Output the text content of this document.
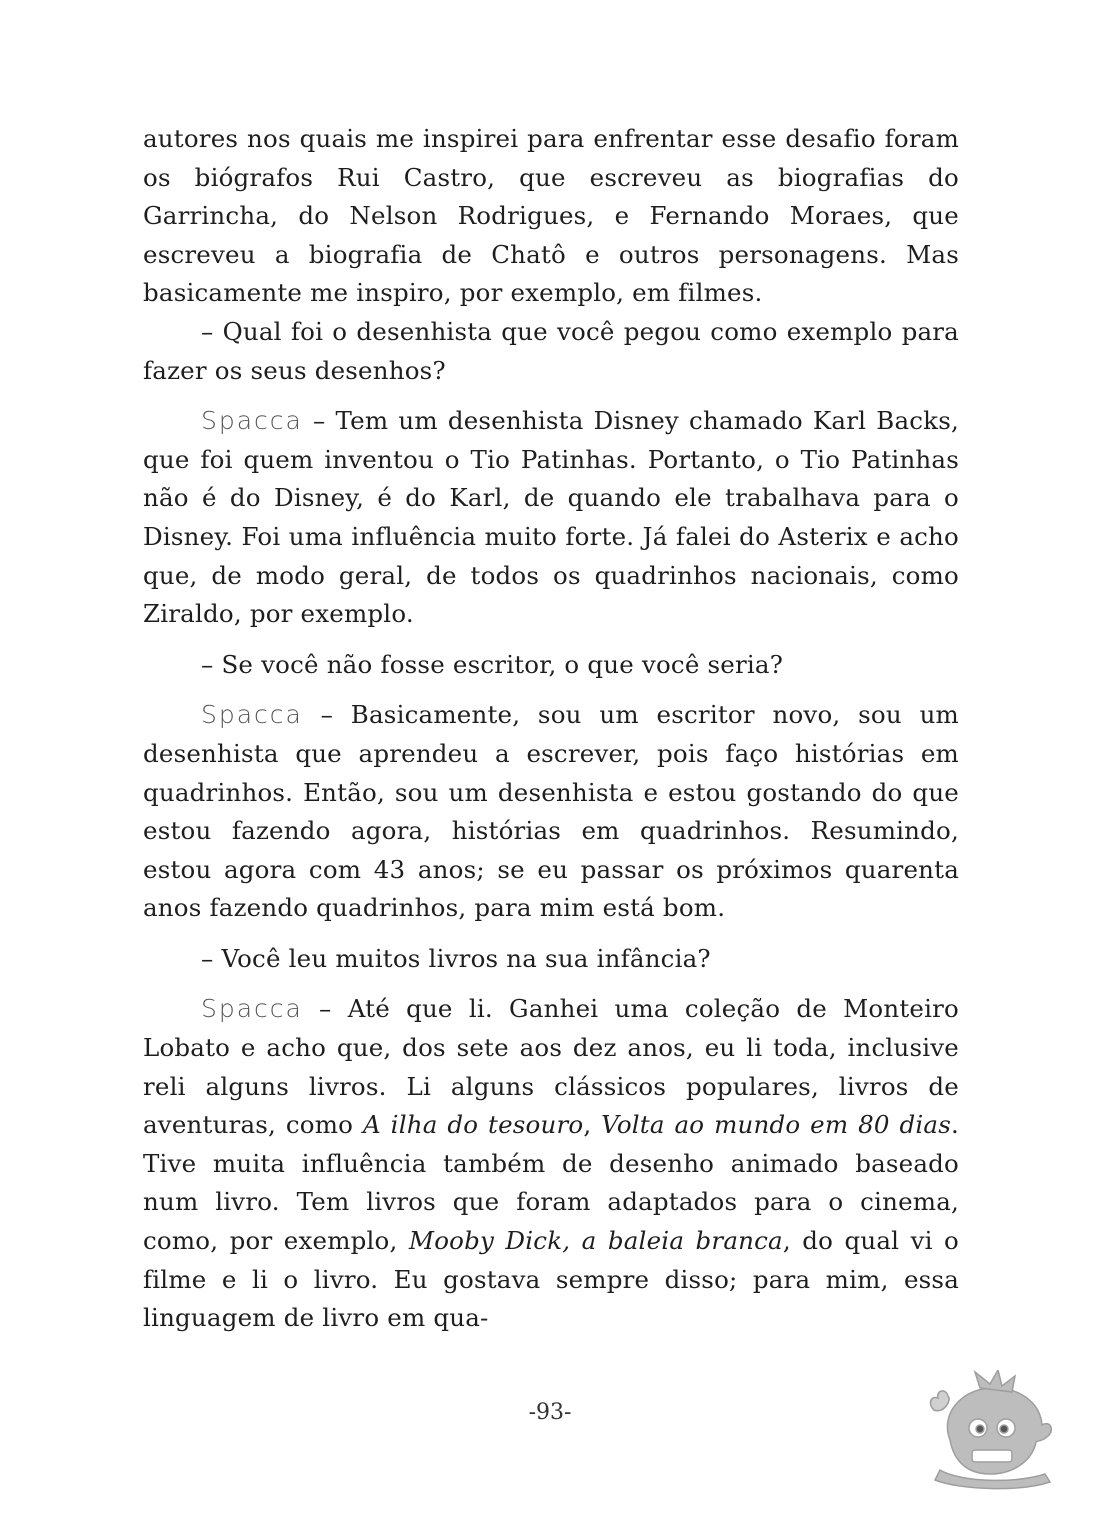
autores nos quais me inspirei para enfrentar esse desafio foram os biógrafos Rui Castro, que escreveu as biografias do Garrincha, do Nelson Rodrigues, e Fernando Moraes, que escreveu a biografia de Chatô e outros personagens. Mas basicamente me inspiro, por exemplo, em filmes.

– Qual foi o desenhista que você pegou como exemplo para fazer os seus desenhos?

Spacca – Tem um desenhista Disney chamado Karl Backs, que foi quem inventou o Tio Patinhas. Portanto, o Tio Patinhas não é do Disney, é do Karl, de quando ele trabalhava para o Disney. Foi uma influência muito forte. Já falei do Asterix e acho que, de modo geral, de todos os quadrinhos nacionais, como Ziraldo, por exemplo.

– Se você não fosse escritor, o que você seria?

Spacca – Basicamente, sou um escritor novo, sou um desenhista que aprendeu a escrever, pois faço histórias em quadrinhos. Então, sou um desenhista e estou gostando do que estou fazendo agora, histórias em quadrinhos. Resumindo, estou agora com 43 anos; se eu passar os próximos quarenta anos fazendo quadrinhos, para mim está bom.

– Você leu muitos livros na sua infância?

Spacca – Até que li. Ganhei uma coleção de Monteiro Lobato e acho que, dos sete aos dez anos, eu li toda, inclusive reli alguns livros. Li alguns clássicos populares, livros de aventuras, como A ilha do tesouro, Volta ao mundo em 80 dias. Tive muita influência também de desenho animado baseado num livro. Tem livros que foram adaptados para o cinema, como, por exemplo, Mooby Dick, a baleia branca, do qual vi o filme e li o livro. Eu gostava sempre disso; para mim, essa linguagem de livro em qua-

-93-
